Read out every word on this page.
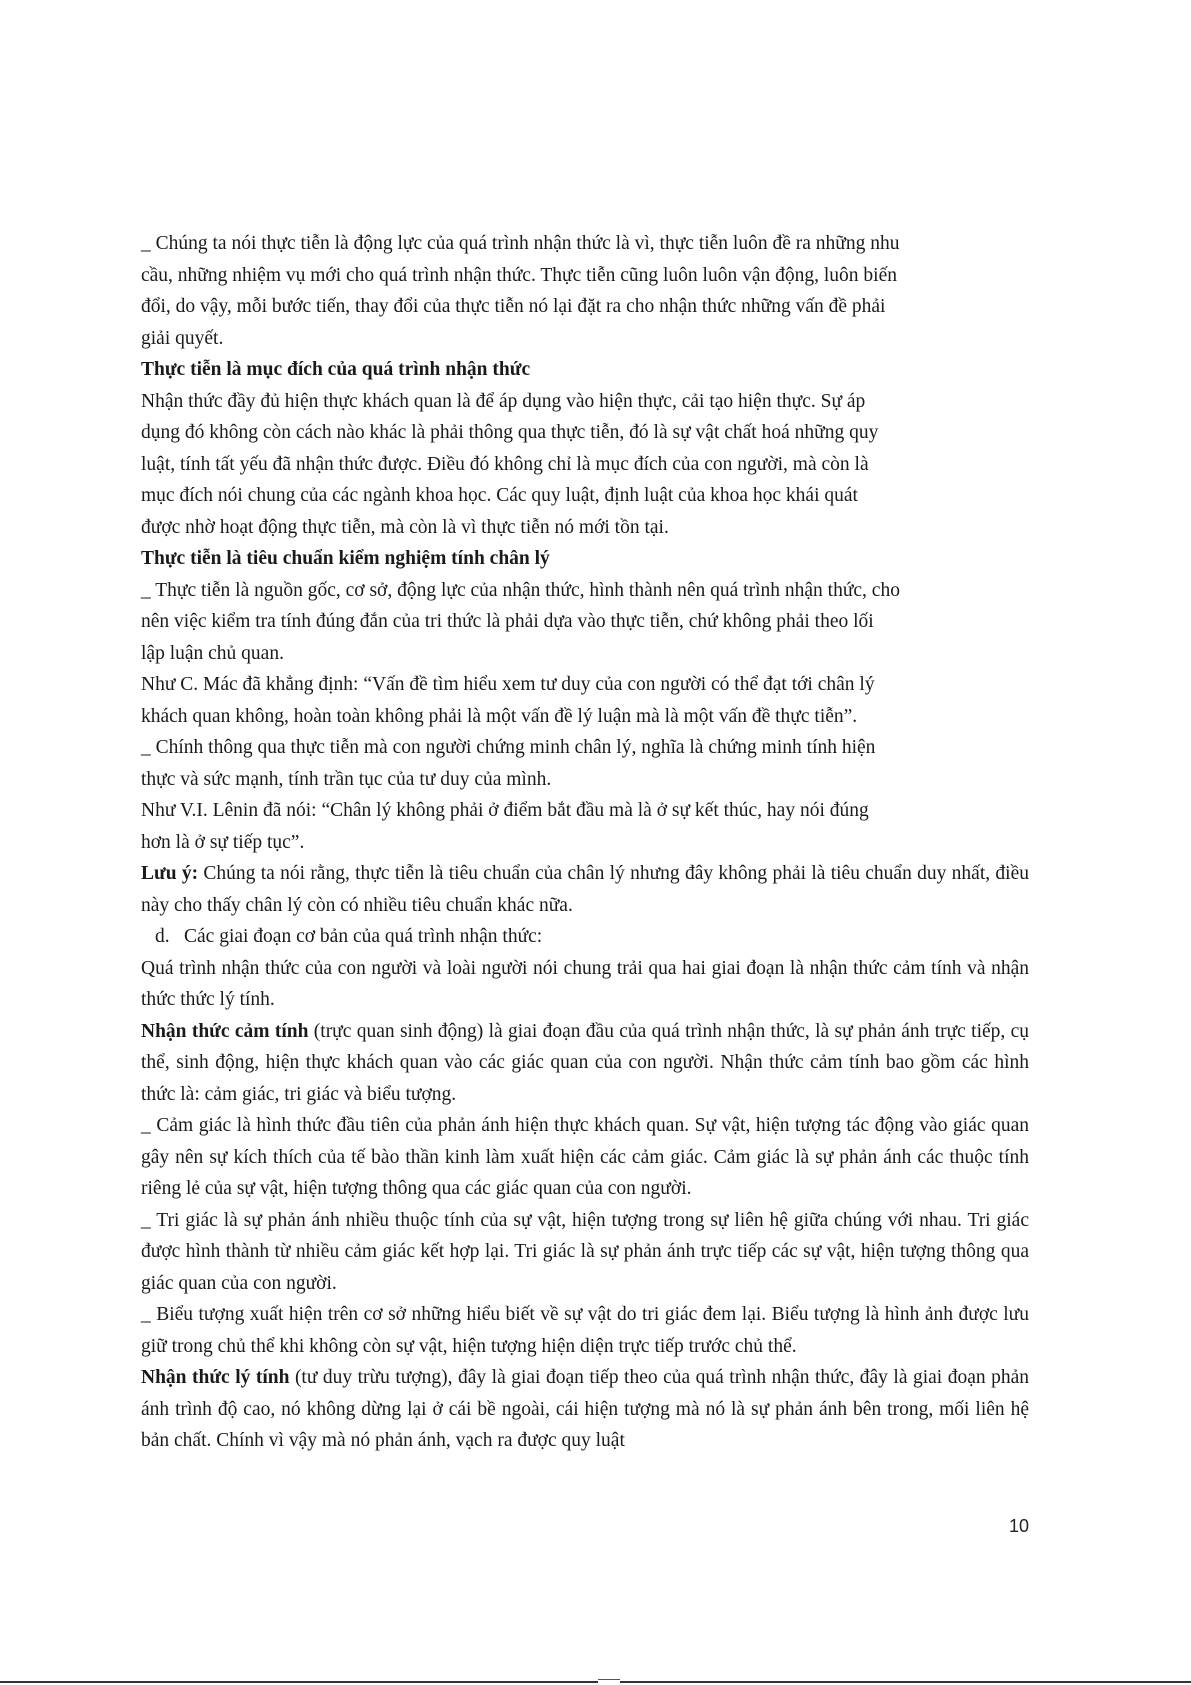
_ Chúng ta nói thực tiễn là động lực của quá trình nhận thức là vì, thực tiễn luôn đề ra những nhu
cầu, những nhiệm vụ mới cho quá trình nhận thức. Thực tiễn cũng luôn luôn vận động, luôn biến
đổi, do vậy, mỗi bước tiến, thay đổi của thực tiễn nó lại đặt ra cho nhận thức những vấn đề phải
giải quyết.
Thực tiễn là mục đích của quá trình nhận thức
Nhận thức đầy đủ hiện thực khách quan là để áp dụng vào hiện thực, cải tạo hiện thực. Sự áp
dụng đó không còn cách nào khác là phải thông qua thực tiễn, đó là sự vật chất hoá những quy
luật, tính tất yếu đã nhận thức được. Điều đó không chỉ là mục đích của con người, mà còn là
mục đích nói chung của các ngành khoa học. Các quy luật, định luật của khoa học khái quát
được nhờ hoạt động thực tiễn, mà còn là vì thực tiễn nó mới tồn tại.
Thực tiễn là tiêu chuẩn kiểm nghiệm tính chân lý
_ Thực tiễn là nguồn gốc, cơ sở, động lực của nhận thức, hình thành nên quá trình nhận thức, cho
nên việc kiểm tra tính đúng đắn của tri thức là phải dựa vào thực tiễn, chứ không phải theo lối
lập luận chủ quan.
Như C. Mác đã khẳng định: “Vấn đề tìm hiểu xem tư duy của con người có thể đạt tới chân lý
khách quan không, hoàn toàn không phải là một vấn đề lý luận mà là một vấn đề thực tiễn”.
_ Chính thông qua thực tiễn mà con người chứng minh chân lý, nghĩa là chứng minh tính hiện
thực và sức mạnh, tính trần tục của tư duy của mình.
Như V.I. Lênin đã nói: “Chân lý không phải ở điểm bắt đầu mà là ở sự kết thúc, hay nói đúng
hơn là ở sự tiếp tục”.
Lưu ý: Chúng ta nói rằng, thực tiễn là tiêu chuẩn của chân lý nhưng đây không phải là tiêu chuẩn duy nhất, điều này cho thấy chân lý còn có nhiều tiêu chuẩn khác nữa.
d. Các giai đoạn cơ bản của quá trình nhận thức:
Quá trình nhận thức của con người và loài người nói chung trải qua hai giai đoạn là nhận thức cảm tính và nhận thức thức lý tính.
Nhận thức cảm tính (trực quan sinh động) là giai đoạn đầu của quá trình nhận thức, là sự phản ánh trực tiếp, cụ thể, sinh động, hiện thực khách quan vào các giác quan của con người. Nhận thức cảm tính bao gồm các hình thức là: cảm giác, tri giác và biểu tượng.
_ Cảm giác là hình thức đầu tiên của phản ánh hiện thực khách quan. Sự vật, hiện tượng tác động vào giác quan gây nên sự kích thích của tế bào thần kinh làm xuất hiện các cảm giác. Cảm giác là sự phản ánh các thuộc tính riêng lẻ của sự vật, hiện tượng thông qua các giác quan của con người.
_ Tri giác là sự phản ánh nhiều thuộc tính của sự vật, hiện tượng trong sự liên hệ giữa chúng với nhau. Tri giác được hình thành từ nhiều cảm giác kết hợp lại. Tri giác là sự phản ánh trực tiếp các sự vật, hiện tượng thông qua giác quan của con người.
_ Biểu tượng xuất hiện trên cơ sở những hiểu biết về sự vật do tri giác đem lại. Biểu tượng là hình ảnh được lưu giữ trong chủ thể khi không còn sự vật, hiện tượng hiện diện trực tiếp trước chủ thể.
Nhận thức lý tính (tư duy trừu tượng), đây là giai đoạn tiếp theo của quá trình nhận thức, đây là giai đoạn phản ánh trình độ cao, nó không dừng lại ở cái bề ngoài, cái hiện tượng mà nó là sự phản ánh bên trong, mối liên hệ bản chất. Chính vì vậy mà nó phản ánh, vạch ra được quy luật
10
